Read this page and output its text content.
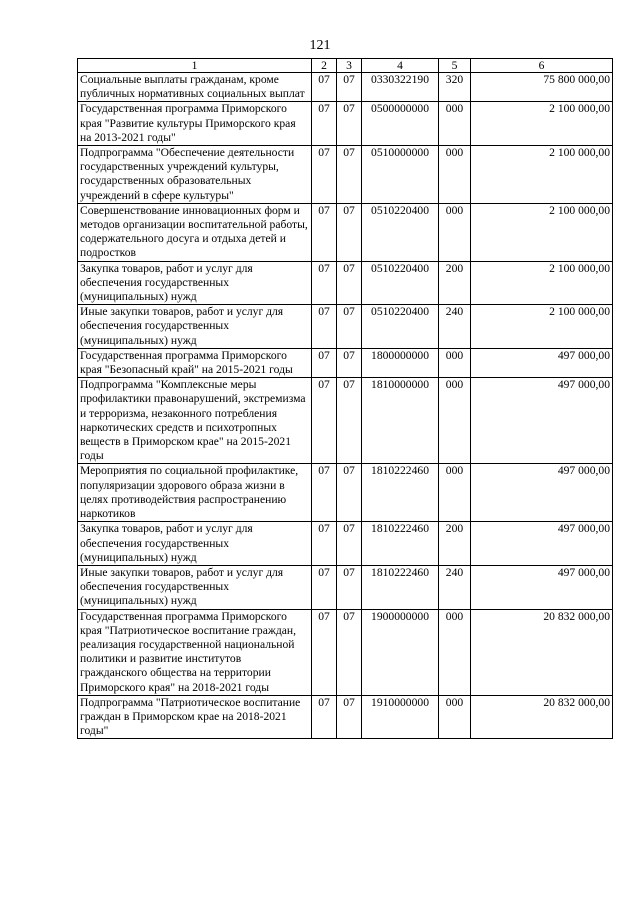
121
1	2	3	4	5	6
Социальные выплаты гражданам, кроме публичных нормативных социальных выплат	07	07	0330322190	320	75 800 000,00
Государственная программа Приморского края "Развитие культуры Приморского края на 2013-2021 годы"	07	07	0500000000	000	2 100 000,00
Подпрограмма "Обеспечение деятельности государственных учреждений культуры, государственных образовательных учреждений в сфере культуры"	07	07	0510000000	000	2 100 000,00
Совершенствование инновационных форм и методов организации воспитательной работы, содержательного досуга и отдыха детей и подростков	07	07	0510220400	000	2 100 000,00
Закупка товаров, работ и услуг для обеспечения государственных (муниципальных) нужд	07	07	0510220400	200	2 100 000,00
Иные закупки товаров, работ и услуг для обеспечения государственных (муниципальных) нужд	07	07	0510220400	240	2 100 000,00
Государственная программа Приморского края "Безопасный край" на 2015-2021 годы	07	07	1800000000	000	497 000,00
Подпрограмма "Комплексные меры профилактики правонарушений, экстремизма и терроризма, незаконного потребления наркотических средств и психотропных веществ в Приморском крае" на 2015-2021 годы	07	07	1810000000	000	497 000,00
Мероприятия по социальной профилактике, популяризации здорового образа жизни в целях противодействия распространению наркотиков	07	07	1810222460	000	497 000,00
Закупка товаров, работ и услуг для обеспечения государственных (муниципальных) нужд	07	07	1810222460	200	497 000,00
Иные закупки товаров, работ и услуг для обеспечения государственных (муниципальных) нужд	07	07	1810222460	240	497 000,00
Государственная программа Приморского края "Патриотическое воспитание граждан, реализация государственной национальной политики и развитие институтов гражданского общества на территории Приморского края" на 2018-2021 годы	07	07	1900000000	000	20 832 000,00
Подпрограмма "Патриотическое воспитание граждан в Приморском крае на 2018-2021 годы"	07	07	1910000000	000	20 832 000,00
